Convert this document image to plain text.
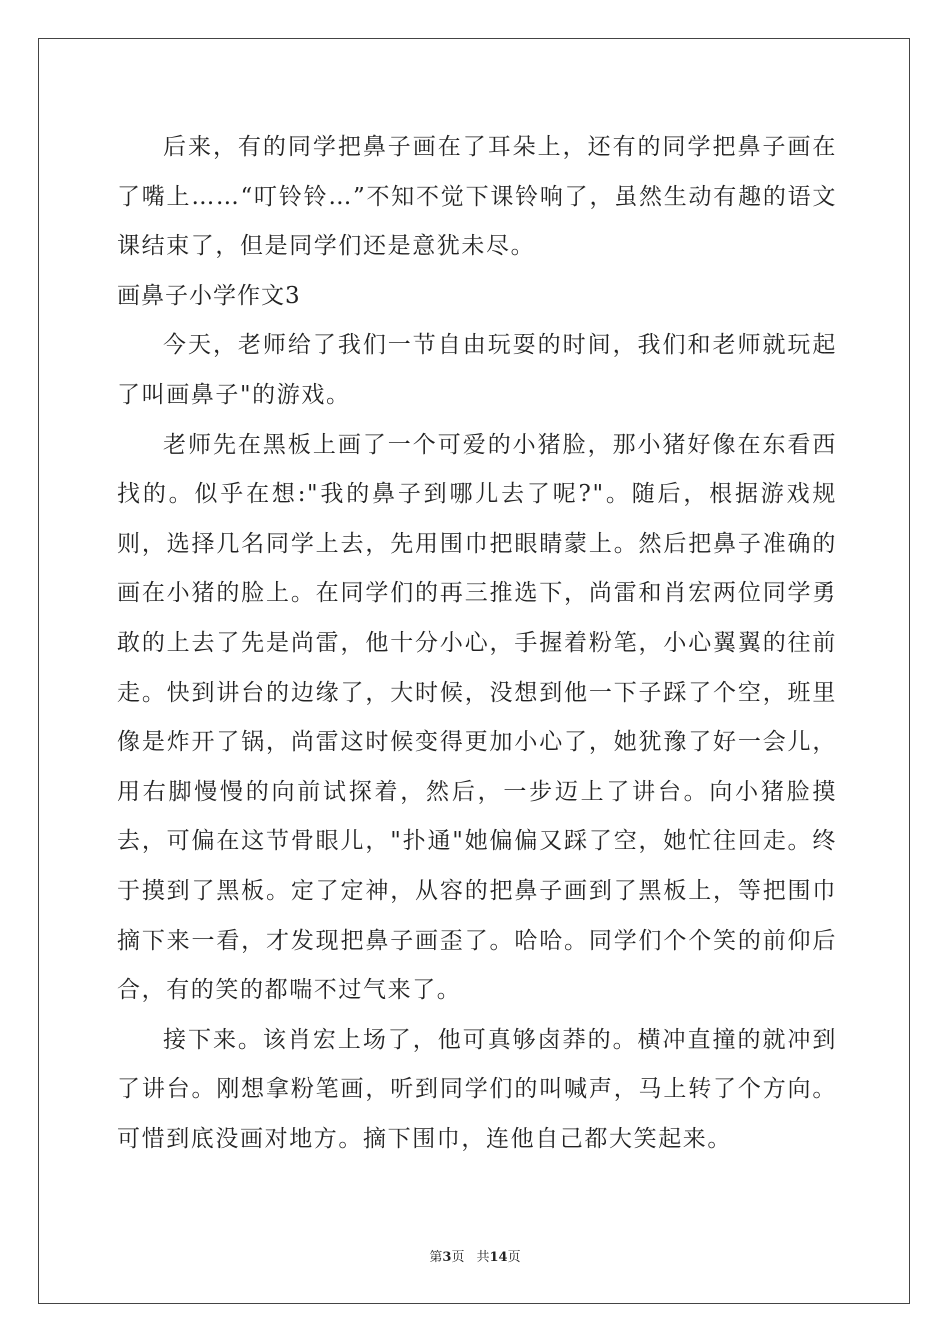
后来，有的同学把鼻子画在了耳朵上，还有的同学把鼻子画在了嘴上……“叮铃铃…”不知不觉下课铃响了，虽然生动有趣的语文课结束了，但是同学们还是意犹未尽。

画鼻子小学作文3

今天，老师给了我们一节自由玩耍的时间，我们和老师就玩起了叫画鼻子"的游戏。

老师先在黑板上画了一个可爱的小猪脸，那小猪好像在东看西找的。似乎在想:"我的鼻子到哪儿去了呢?"。随后，根据游戏规则，选择几名同学上去，先用围巾把眼睛蒙上。然后把鼻子准确的画在小猪的脸上。在同学们的再三推选下，尚雷和肖宏两位同学勇敢的上去了先是尚雷，他十分小心，手握着粉笔，小心翼翼的往前走。快到讲台的边缘了，大时候，没想到他一下子踩了个空，班里像是炸开了锅，尚雷这时候变得更加小心了，她犹豫了好一会儿，用右脚慢慢的向前试探着，然后，一步迈上了讲台。向小猪脸摸去，可偏在这节骨眼儿，"扑通"她偏偏又踩了空，她忙往回走。终于摸到了黑板。定了定神，从容的把鼻子画到了黑板上，等把围巾摘下来一看，才发现把鼻子画歪了。哈哈。同学们个个笑的前仰后合，有的笑的都喘不过气来了。

接下来。该肖宏上场了，他可真够卤莽的。横冲直撞的就冲到了讲台。刚想拿粉笔画，听到同学们的叫喊声，马上转了个方向。可惜到底没画对地方。摘下围巾，连他自己都大笑起来。

第3页 共14页
